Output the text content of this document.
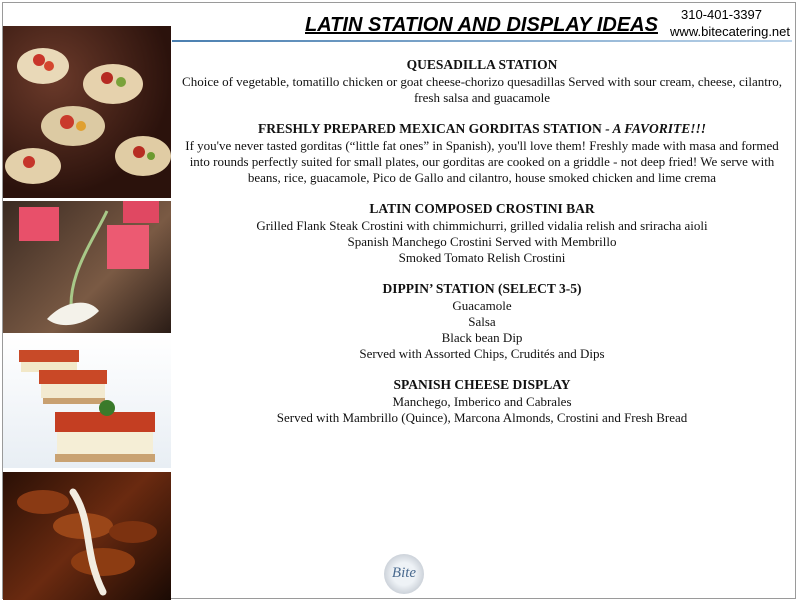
LATIN STATION AND DISPLAY IDEAS 310-401-3397
www.bitecatering.net
QUESADILLA STATION
Choice of vegetable, tomatillo chicken or goat cheese-chorizo quesadillas Served with sour cream, cheese, cilantro,
fresh salsa and guacamole
FRESHLY PREPARED MEXICAN GORDITAS STATION - A FAVORITE!!!
If you've never tasted gorditas (“little fat ones” in Spanish), you'll love them! Freshly made with masa and formed
into rounds perfectly suited for small plates, our gorditas are cooked on a griddle - not deep fried! We serve with
beans, rice, guacamole, Pico de Gallo and cilantro, house smoked chicken and lime crema
LATIN COMPOSED CROSTINI BAR
Grilled Flank Steak Crostini with chimmichurri, grilled vidalia relish and sriracha aioli
Spanish Manchego Crostini Served with Membrillo
Smoked Tomato Relish Crostini
DIPPIN’ STATION (SELECT 3-5)
Guacamole
Salsa
Black bean Dip
Served with Assorted Chips, Crudités and Dips
SPANISH CHEESE DISPLAY
Manchego, Imberico and Cabrales
Served with Mambrillo (Quince), Marcona Almonds, Crostini and Fresh Bread
Bite
